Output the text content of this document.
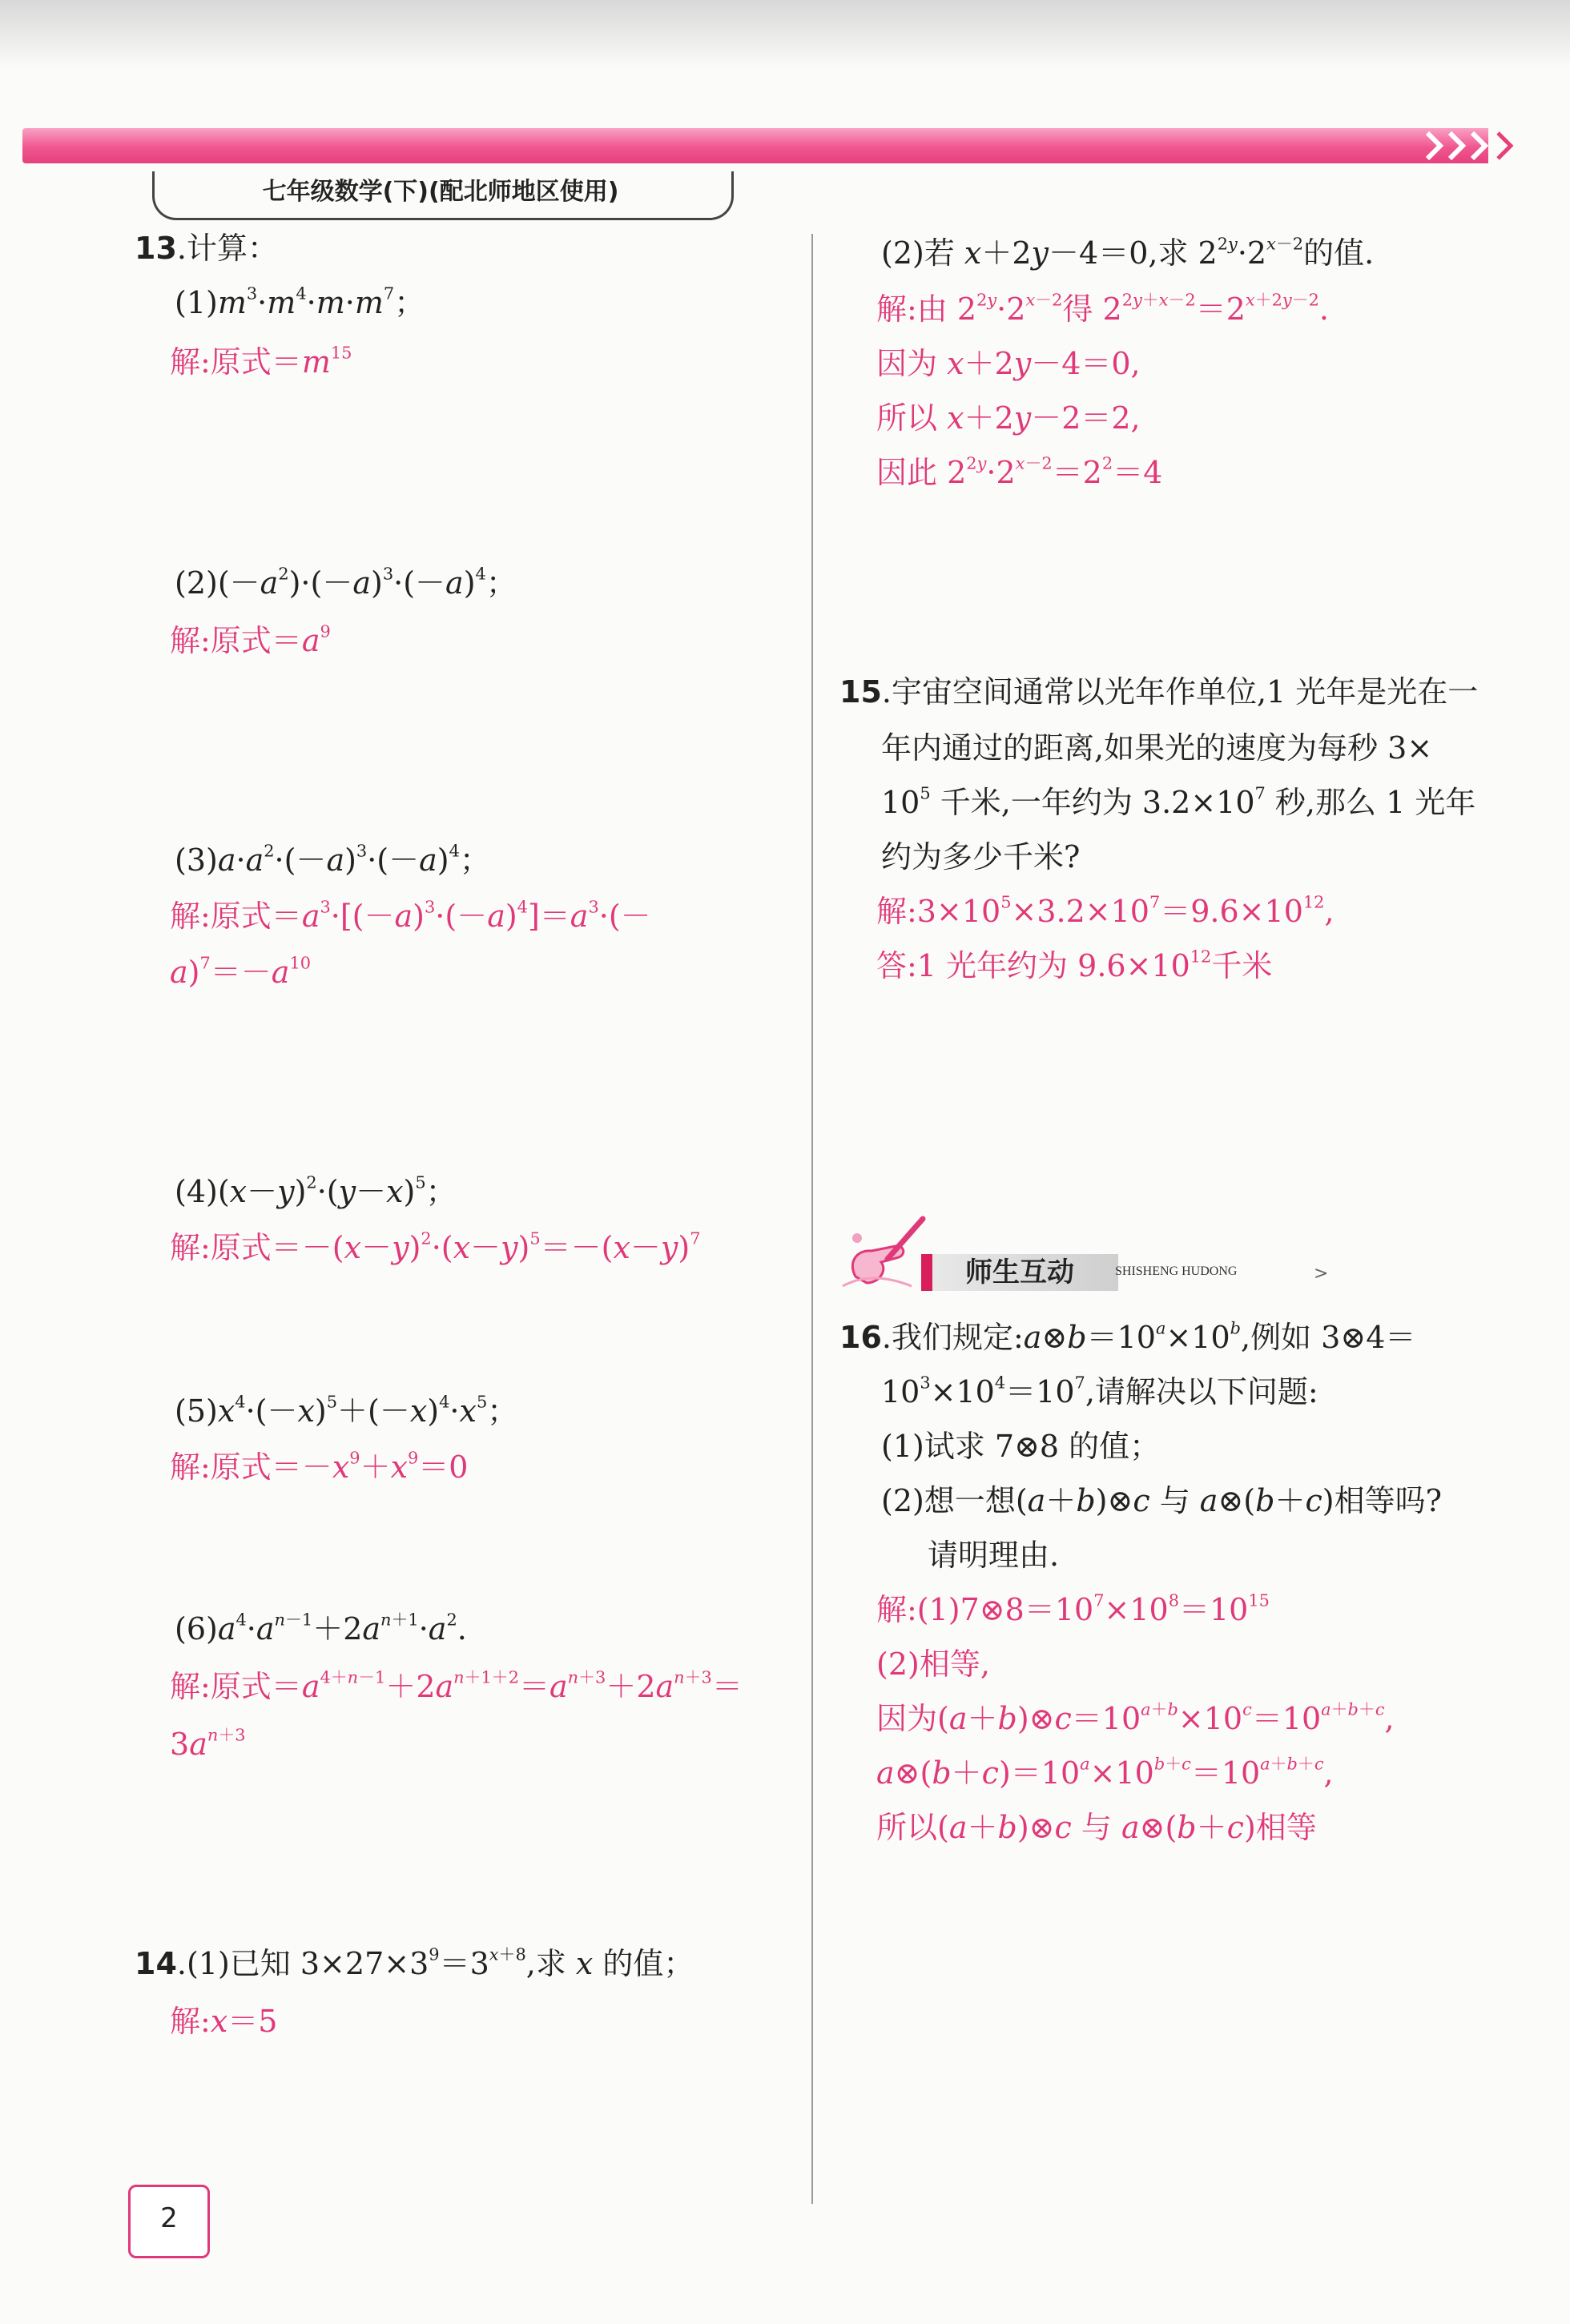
七年级数学(下)(配北师地区使用)
13.计算：
$(1)m^3\cdot m^4\cdot m\cdot m^7$；
解:原式$=m^{15}$
$(2)(-a^2)\cdot(-a)^3\cdot(-a)^4$；
解:原式$=a^9$
$(3)a\cdot a^2\cdot(-a)^3\cdot(-a)^4$；
解:原式$=a^3\cdot[(-a)^3\cdot(-a)^4]=a^3\cdot(-$
$a)^7=-a^{10}$
$(4)(x-y)^2\cdot(y-x)^5$；
解:原式$=-(x-y)^2\cdot(x-y)^5=-(x-y)^7$
$(5)x^4\cdot(-x)^5+(-x)^4\cdot x^5$；
解:原式$=-x^9+x^9=0$
$(6)a^4\cdot a^{n-1}+2a^{n+1}\cdot a^2$.
解:原式$=a^{4+n-1}+2a^{n+1+2}=a^{n+3}+2a^{n+3}=$
$3a^{n+3}$
14.(1)已知 $3\times 27\times 3^9=3^{x+8}$,求 x 的值；
解:x＝5
(2)若 x＋2y－4＝0,求 $2^{2y}\cdot 2^{x-2}$的值.
解:由 $2^{2y}\cdot 2^{x-2}$得 $2^{2y+x-2}=2^{x+2y-2}$.
因为 x＋2y－4＝0,
所以 x＋2y－2＝2,
因此 $2^{2y}\cdot 2^{x-2}=2^2=4$
15.宇宙空间通常以光年作单位,1 光年是光在一
年内通过的距离,如果光的速度为每秒 3×
$10^5$ 千米,一年约为 $3.2\times 10^7$ 秒,那么 1 光年
约为多少千米?
解$:3\times 10^5\times 3.2\times 10^7=9.6\times 10^{12}$,
答:1 光年约为 $9.6\times 10^{12}$千米
师生互动	SHISHENG HUDONG	>
16.我们规定$:a\otimes b=10^a\times 10^b$,例如 3⊗4＝
$10^3\times 10^4=10^7$,请解决以下问题:
(1)试求 7⊗8 的值；
(2)想一想(a＋b)⊗c 与 a⊗(b＋c)相等吗?
请明理由.
解$:(1)7\otimes 8=10^7\times 10^8=10^{15}$
(2)相等,
因为$(a+b)\otimes c=10^{a+b}\times 10^c=10^{a+b+c}$,
$a\otimes(b+c)=10^a\times 10^{b+c}=10^{a+b+c}$,
所以(a＋b)⊗c 与 a⊗(b＋c)相等
2
